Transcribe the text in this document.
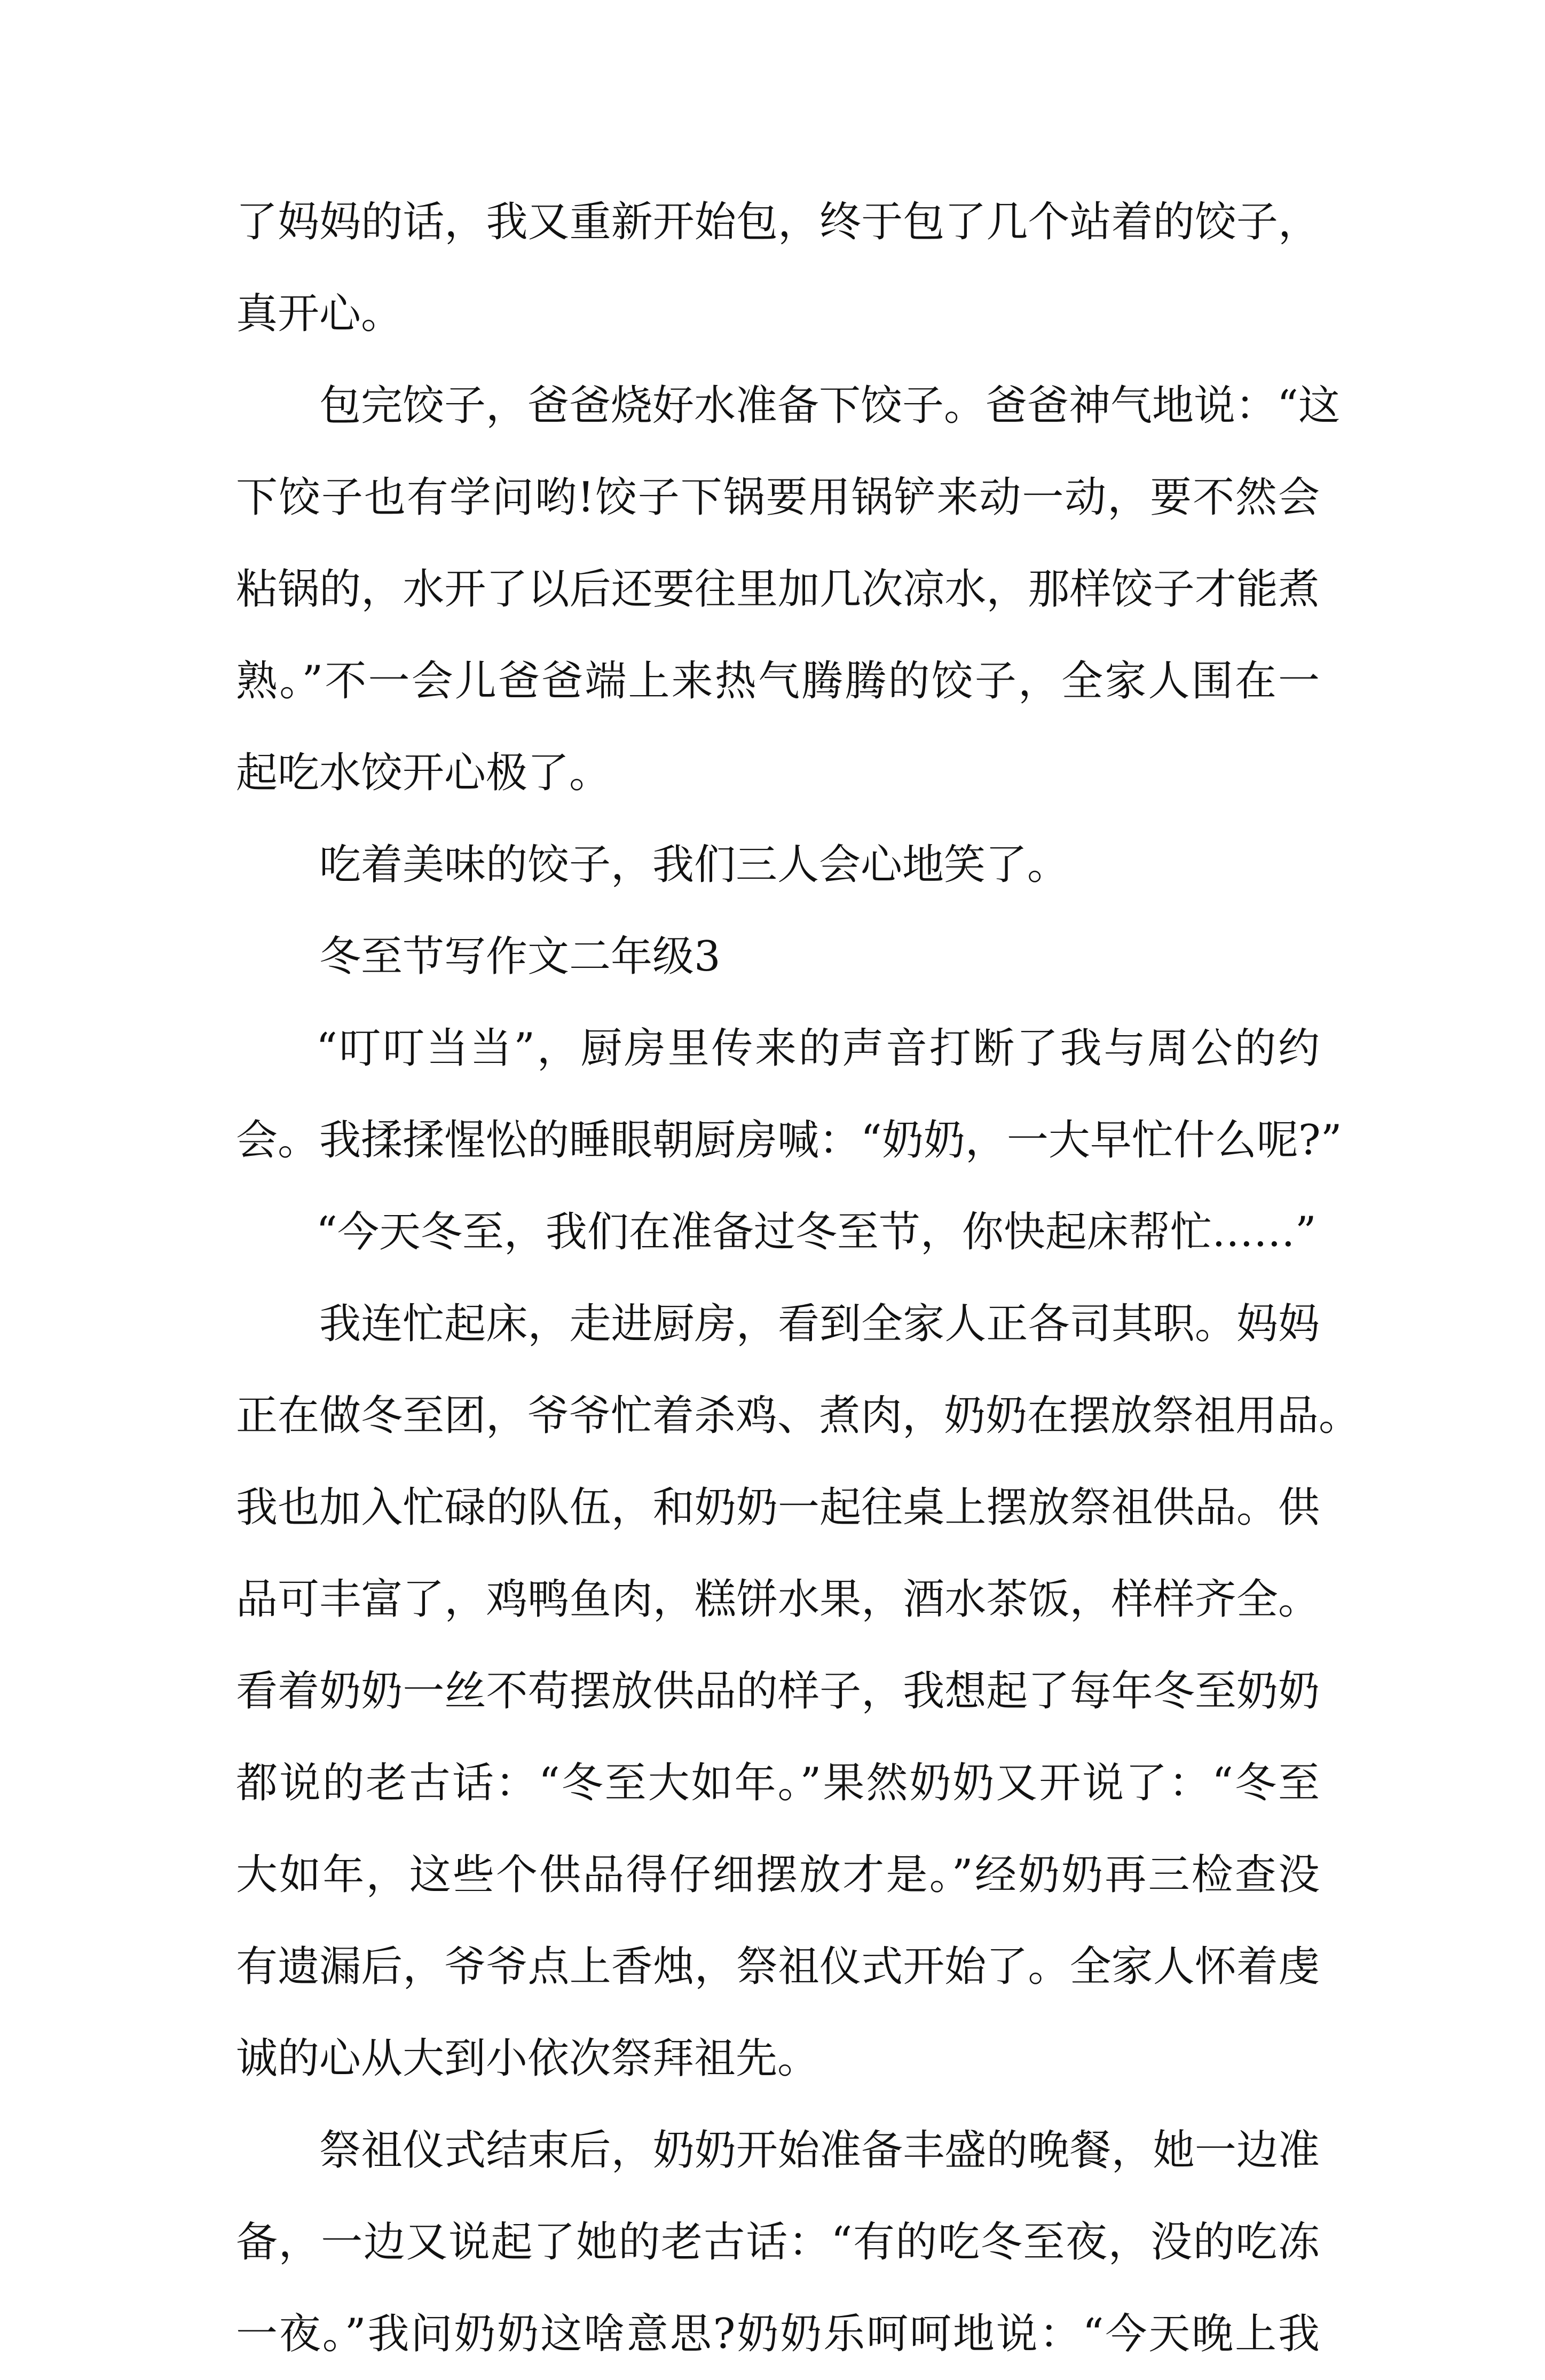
了妈妈的话，我又重新开始包，终于包了几个站着的饺子，
真开心。
包完饺子，爸爸烧好水准备下饺子。爸爸神气地说：“这
下饺子也有学问哟!饺子下锅要用锅铲来动一动，要不然会
粘锅的，水开了以后还要往里加几次凉水，那样饺子才能煮
熟。”不一会儿爸爸端上来热气腾腾的饺子，全家人围在一
起吃水饺开心极了。
吃着美味的饺子，我们三人会心地笑了。
冬至节写作文二年级3
“叮叮当当”，厨房里传来的声音打断了我与周公的约
会。我揉揉惺忪的睡眼朝厨房喊：“奶奶，一大早忙什么呢?”
“今天冬至，我们在准备过冬至节，你快起床帮忙……”
我连忙起床，走进厨房，看到全家人正各司其职。妈妈
正在做冬至团，爷爷忙着杀鸡、煮肉，奶奶在摆放祭祖用品。
我也加入忙碌的队伍，和奶奶一起往桌上摆放祭祖供品。供
品可丰富了，鸡鸭鱼肉，糕饼水果，酒水茶饭，样样齐全。
看着奶奶一丝不苟摆放供品的样子，我想起了每年冬至奶奶
都说的老古话：“冬至大如年。”果然奶奶又开说了：“冬至
大如年，这些个供品得仔细摆放才是。”经奶奶再三检查没
有遗漏后，爷爷点上香烛，祭祖仪式开始了。全家人怀着虔
诚的心从大到小依次祭拜祖先。
祭祖仪式结束后，奶奶开始准备丰盛的晚餐，她一边准
备，一边又说起了她的老古话：“有的吃冬至夜，没的吃冻
一夜。”我问奶奶这啥意思?奶奶乐呵呵地说：“今天晚上我
